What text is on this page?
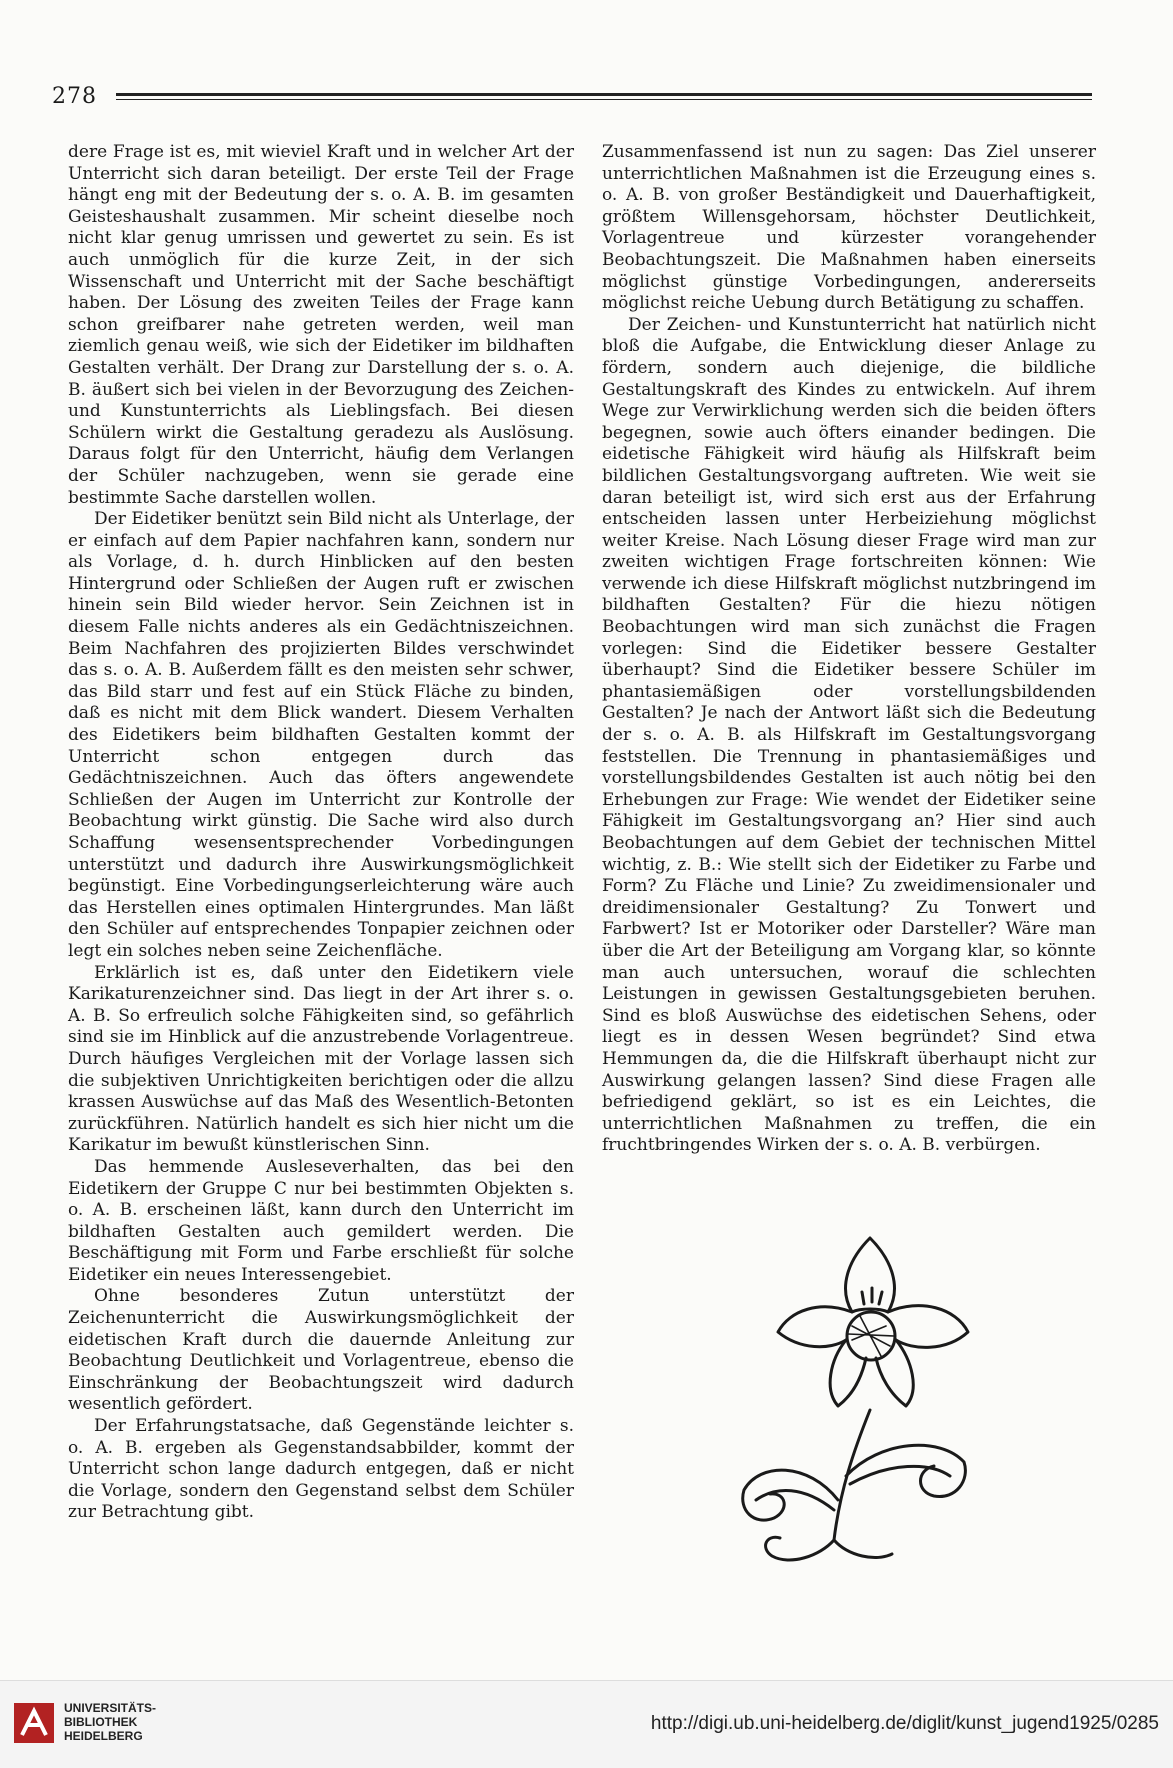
278

dere Frage ist es, mit wieviel Kraft und in welcher Art der Unterricht sich daran beteiligt. Der erste Teil der Frage hängt eng mit der Bedeutung der s. o. A. B. im gesamten Geisteshaushalt zusammen. Mir scheint dieselbe noch nicht klar genug umrissen und gewertet zu sein. Es ist auch unmöglich für die kurze Zeit, in der sich Wissenschaft und Unterricht mit der Sache beschäftigt haben. Der Lösung des zweiten Teiles der Frage kann schon greifbarer nahe getreten werden, weil man ziemlich genau weiß, wie sich der Eidetiker im bildhaften Gestalten verhält. Der Drang zur Darstellung der s. o. A. B. äußert sich bei vielen in der Bevorzugung des Zeichen- und Kunstunterrichts als Lieblingsfach. Bei diesen Schülern wirkt die Gestaltung geradezu als Auslösung. Daraus folgt für den Unterricht, häufig dem Verlangen der Schüler nachzugeben, wenn sie gerade eine bestimmte Sache darstellen wollen.

Der Eidetiker benützt sein Bild nicht als Unterlage, der er einfach auf dem Papier nachfahren kann, sondern nur als Vorlage, d. h. durch Hinblicken auf den besten Hintergrund oder Schließen der Augen ruft er zwischen hinein sein Bild wieder hervor. Sein Zeichnen ist in diesem Falle nichts anderes als ein Gedächtniszeichnen. Beim Nachfahren des projizierten Bildes verschwindet das s. o. A. B. Außerdem fällt es den meisten sehr schwer, das Bild starr und fest auf ein Stück Fläche zu binden, daß es nicht mit dem Blick wandert. Diesem Verhalten des Eidetikers beim bildhaften Gestalten kommt der Unterricht schon entgegen durch das Gedächtniszeichnen. Auch das öfters angewendete Schließen der Augen im Unterricht zur Kontrolle der Beobachtung wirkt günstig. Die Sache wird also durch Schaffung wesensentsprechender Vorbedingungen unterstützt und dadurch ihre Auswirkungsmöglichkeit begünstigt. Eine Vorbedingungserleichterung wäre auch das Herstellen eines optimalen Hintergrundes. Man läßt den Schüler auf entsprechendes Tonpapier zeichnen oder legt ein solches neben seine Zeichenfläche.

Erklärlich ist es, daß unter den Eidetikern viele Karikaturenzeichner sind. Das liegt in der Art ihrer s. o. A. B. So erfreulich solche Fähigkeiten sind, so gefährlich sind sie im Hinblick auf die anzustrebende Vorlagentreue. Durch häufiges Vergleichen mit der Vorlage lassen sich die subjektiven Unrichtigkeiten berichtigen oder die allzu krassen Auswüchse auf das Maß des Wesentlich-Betonten zurückführen. Natürlich handelt es sich hier nicht um die Karikatur im bewußt künstlerischen Sinn.

Das hemmende Ausleseverhalten, das bei den Eidetikern der Gruppe C nur bei bestimmten Objekten s. o. A. B. erscheinen läßt, kann durch den Unterricht im bildhaften Gestalten auch gemildert werden. Die Beschäftigung mit Form und Farbe erschließt für solche Eidetiker ein neues Interessengebiet.

Ohne besonderes Zutun unterstützt der Zeichenunterricht die Auswirkungsmöglichkeit der eidetischen Kraft durch die dauernde Anleitung zur Beobachtung Deutlichkeit und Vorlagentreue, ebenso die Einschränkung der Beobachtungszeit wird dadurch wesentlich gefördert.

Der Erfahrungstatsache, daß Gegenstände leichter s. o. A. B. ergeben als Gegenstandsabbilder, kommt der Unterricht schon lange dadurch entgegen, daß er nicht die Vorlage, sondern den Gegenstand selbst dem Schüler zur Betrachtung gibt.

Zusammenfassend ist nun zu sagen: Das Ziel unserer unterrichtlichen Maßnahmen ist die Erzeugung eines s. o. A. B. von großer Beständigkeit und Dauerhaftigkeit, größtem Willensgehorsam, höchster Deutlichkeit, Vorlagentreue und kürzester vorangehender Beobachtungszeit. Die Maßnahmen haben einerseits möglichst günstige Vorbedingungen, andererseits möglichst reiche Uebung durch Betätigung zu schaffen.

Der Zeichen- und Kunstunterricht hat natürlich nicht bloß die Aufgabe, die Entwicklung dieser Anlage zu fördern, sondern auch diejenige, die bildliche Gestaltungskraft des Kindes zu entwickeln. Auf ihrem Wege zur Verwirklichung werden sich die beiden öfters begegnen, sowie auch öfters einander bedingen. Die eidetische Fähigkeit wird häufig als Hilfskraft beim bildlichen Gestaltungsvorgang auftreten. Wie weit sie daran beteiligt ist, wird sich erst aus der Erfahrung entscheiden lassen unter Herbeiziehung möglichst weiter Kreise. Nach Lösung dieser Frage wird man zur zweiten wichtigen Frage fortschreiten können: Wie verwende ich diese Hilfskraft möglichst nutzbringend im bildhaften Gestalten? Für die hiezu nötigen Beobachtungen wird man sich zunächst die Fragen vorlegen: Sind die Eidetiker bessere Gestalter überhaupt? Sind die Eidetiker bessere Schüler im phantasiemäßigen oder vorstellungsbildenden Gestalten? Je nach der Antwort läßt sich die Bedeutung der s. o. A. B. als Hilfskraft im Gestaltungsvorgang feststellen. Die Trennung in phantasiemäßiges und vorstellungsbildendes Gestalten ist auch nötig bei den Erhebungen zur Frage: Wie wendet der Eidetiker seine Fähigkeit im Gestaltungsvorgang an? Hier sind auch Beobachtungen auf dem Gebiet der technischen Mittel wichtig, z. B.: Wie stellt sich der Eidetiker zu Farbe und Form? Zu Fläche und Linie? Zu zweidimensionaler und dreidimensionaler Gestaltung? Zu Tonwert und Farbwert? Ist er Motoriker oder Darsteller? Wäre man über die Art der Beteiligung am Vorgang klar, so könnte man auch untersuchen, worauf die schlechten Leistungen in gewissen Gestaltungsgebieten beruhen. Sind es bloß Auswüchse des eidetischen Sehens, oder liegt es in dessen Wesen begründet? Sind etwa Hemmungen da, die die Hilfskraft überhaupt nicht zur Auswirkung gelangen lassen? Sind diese Fragen alle befriedigend geklärt, so ist es ein Leichtes, die unterrichtlichen Maßnahmen zu treffen, die ein fruchtbringendes Wirken der s. o. A. B. verbürgen.

UNIVERSITÄTS-
BIBLIOTHEK
HEIDELBERG
http://digi.ub.uni-heidelberg.de/diglit/kunst_jugend1925/0285
